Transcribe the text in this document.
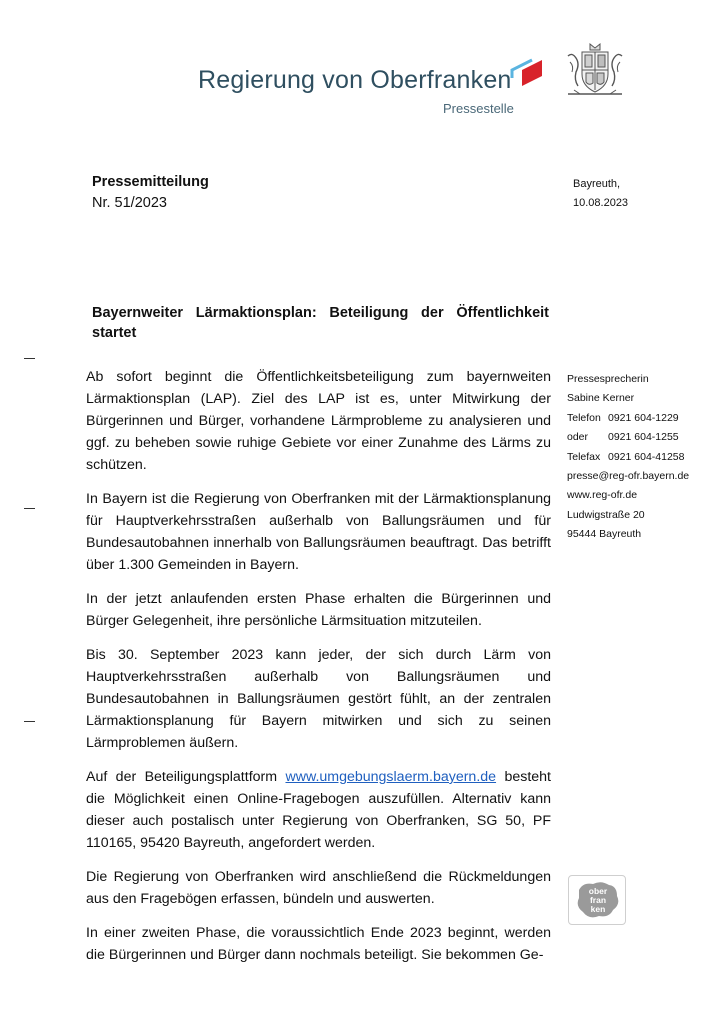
Regierung von Oberfranken
Pressestelle
Pressemitteilung
Nr. 51/2023
Bayreuth,
10.08.2023
Bayernweiter Lärmaktionsplan: Beteiligung der Öffentlichkeit startet

Ab sofort beginnt die Öffentlichkeitsbeteiligung zum bayernweiten Lärmaktionsplan (LAP). Ziel des LAP ist es, unter Mitwirkung der Bürgerinnen und Bürger, vorhandene Lärmprobleme zu analysieren und ggf. zu beheben sowie ruhige Gebiete vor einer Zunahme des Lärms zu schützen.

In Bayern ist die Regierung von Oberfranken mit der Lärmaktionsplanung für Hauptverkehrsstraßen außerhalb von Ballungsräumen und für Bundesautobahnen innerhalb von Ballungsräumen beauftragt. Das betrifft über 1.300 Gemeinden in Bayern.

In der jetzt anlaufenden ersten Phase erhalten die Bürgerinnen und Bürger Gelegenheit, ihre persönliche Lärmsituation mitzuteilen.

Bis 30. September 2023 kann jeder, der sich durch Lärm von Hauptverkehrsstraßen außerhalb von Ballungsräumen und Bundesautobahnen in Ballungsräumen gestört fühlt, an der zentralen Lärmaktionsplanung für Bayern mitwirken und sich zu seinen Lärmproblemen äußern.

Auf der Beteiligungsplattform www.umgebungslaerm.bayern.de besteht die Möglichkeit einen Online-Fragebogen auszufüllen. Alternativ kann dieser auch postalisch unter Regierung von Oberfranken, SG 50, PF 110165, 95420 Bayreuth, angefordert werden.

Die Regierung von Oberfranken wird anschließend die Rückmeldungen aus den Fragebögen erfassen, bündeln und auswerten.

In einer zweiten Phase, die voraussichtlich Ende 2023 beginnt, werden die Bürgerinnen und Bürger dann nochmals beteiligt. Sie bekommen Ge-

Pressesprecherin
Sabine Kerner
Telefon 0921 604-1229
oder 0921 604-1255
Telefax 0921 604-41258
presse@reg-ofr.bayern.de
www.reg-ofr.de
Ludwigstraße 20
95444 Bayreuth
ober
fran
ken
